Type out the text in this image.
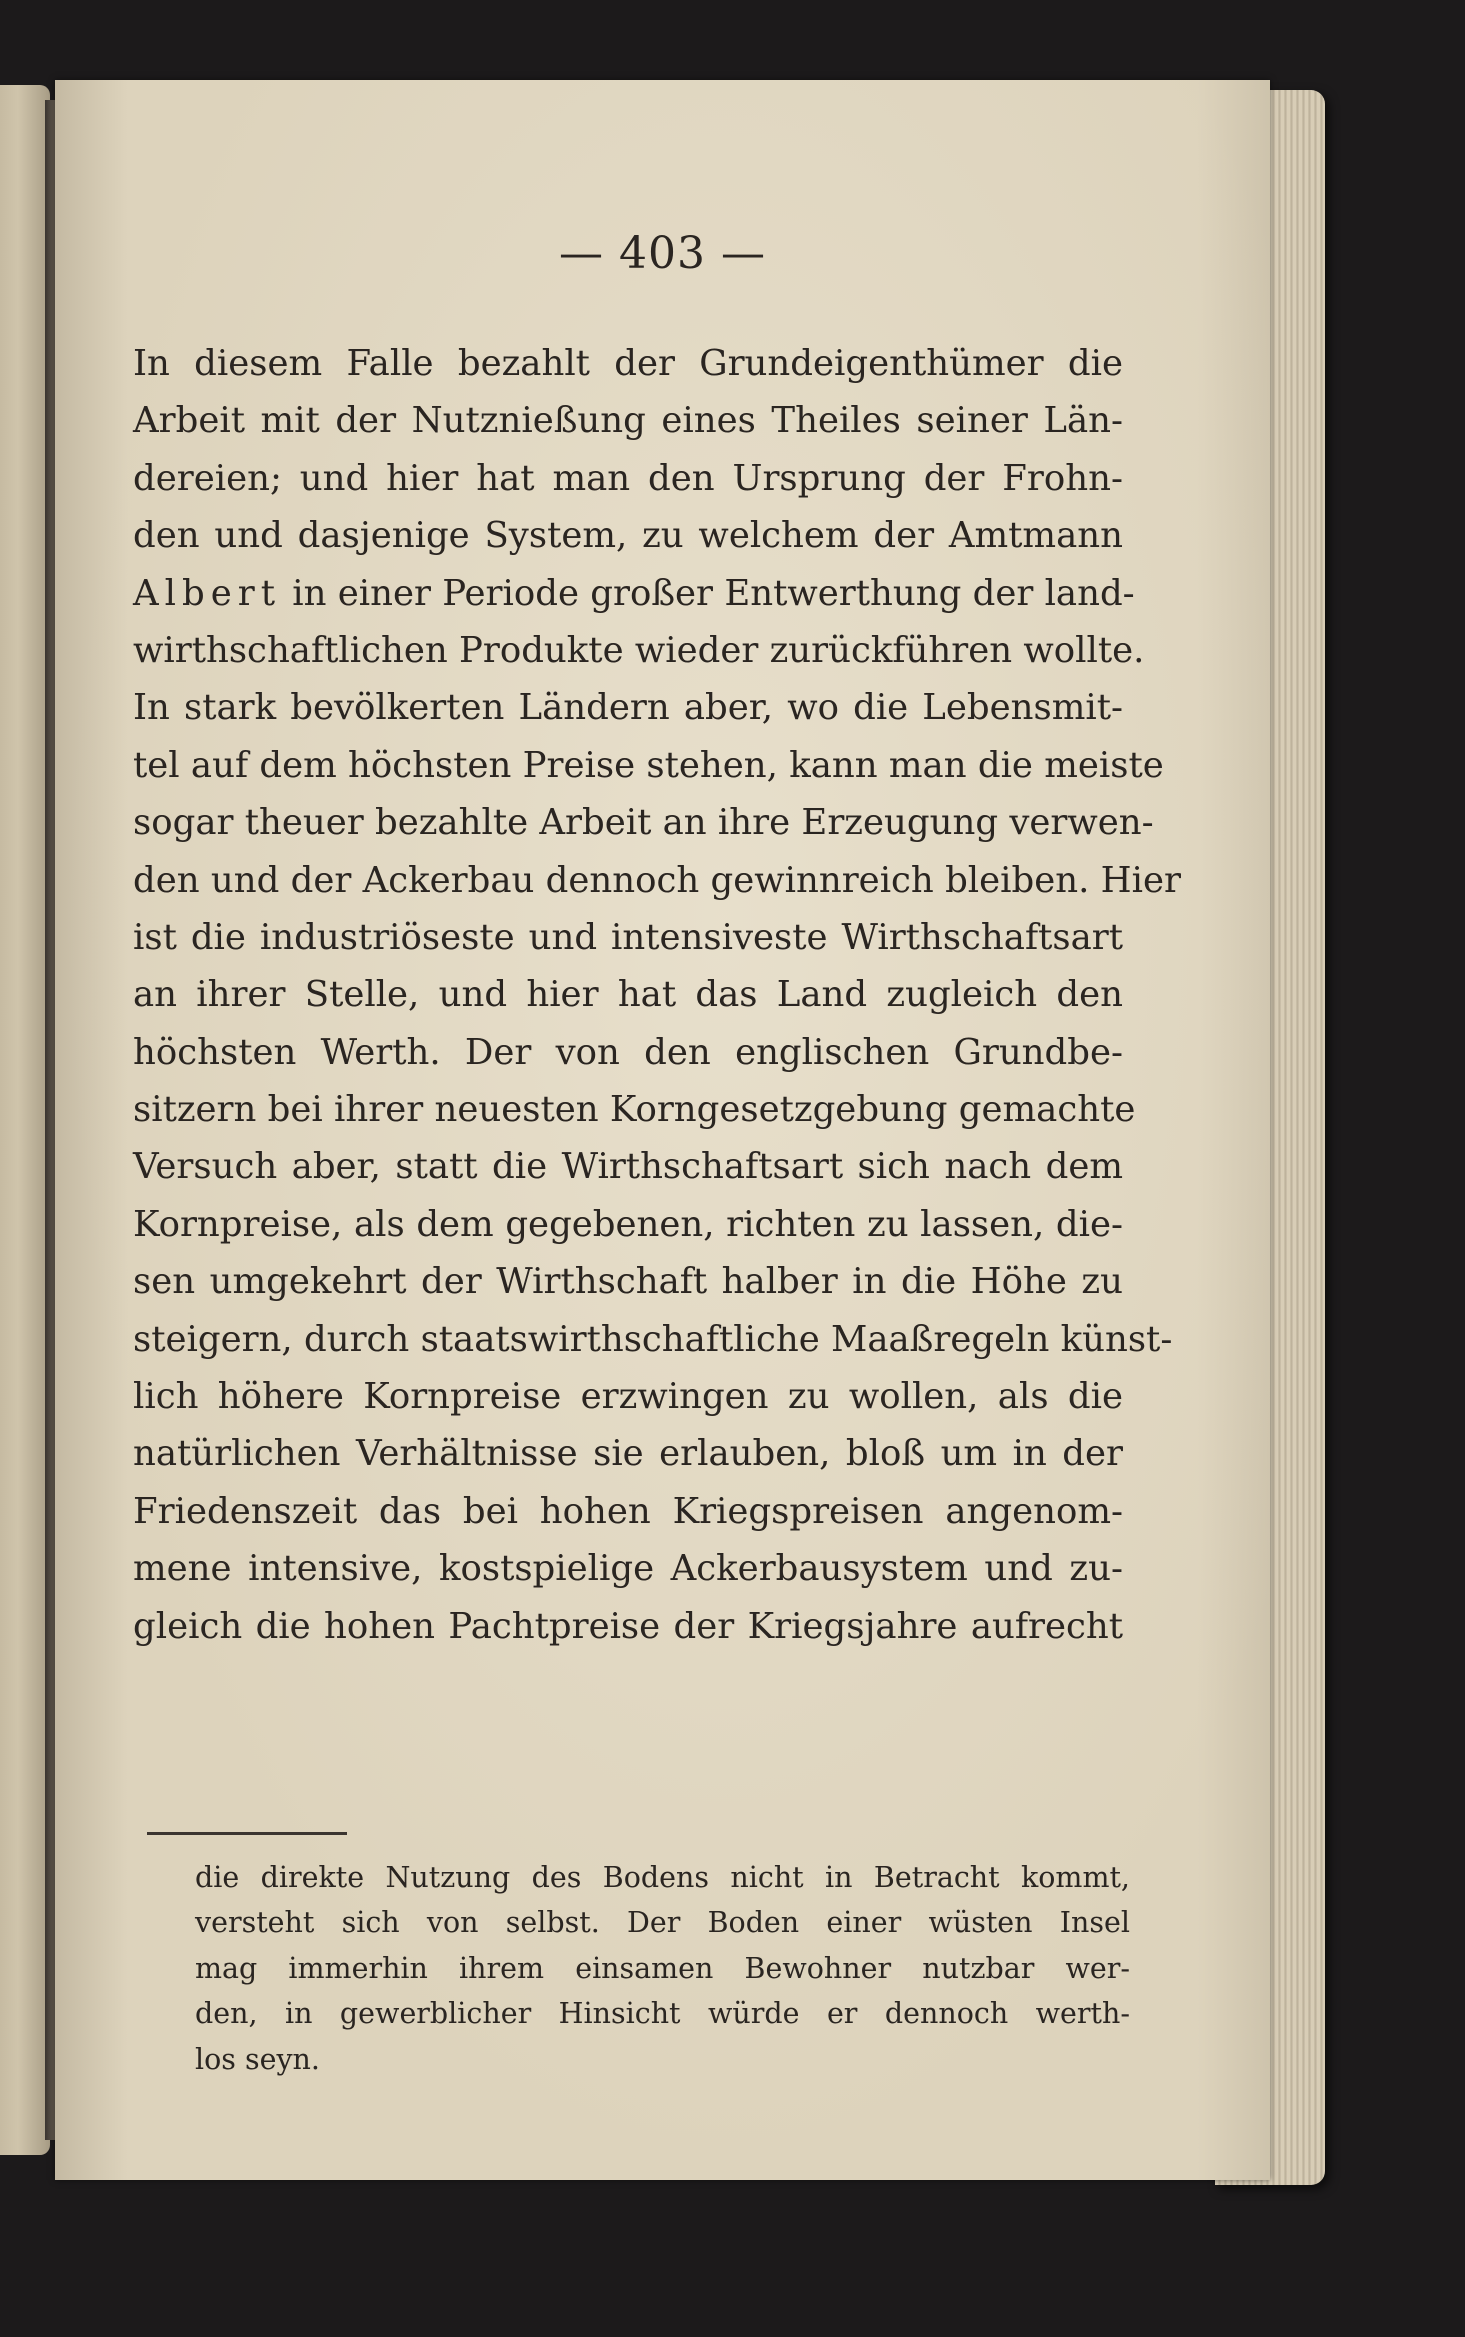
— 403 —
In diesem Falle bezahlt der Grundeigenthümer die
Arbeit mit der Nutznießung eines Theiles seiner Län-
dereien; und hier hat man den Ursprung der Frohn-
den und dasjenige System, zu welchem der Amtmann
Albert in einer Periode großer Entwerthung der land-
wirthschaftlichen Produkte wieder zurückführen wollte.
In stark bevölkerten Ländern aber, wo die Lebensmit-
tel auf dem höchsten Preise stehen, kann man die meiste
sogar theuer bezahlte Arbeit an ihre Erzeugung verwen-
den und der Ackerbau dennoch gewinnreich bleiben. Hier
ist die industriöseste und intensiveste Wirthschaftsart
an ihrer Stelle, und hier hat das Land zugleich den
höchsten Werth. Der von den englischen Grundbe-
sitzern bei ihrer neuesten Korngesetzgebung gemachte
Versuch aber, statt die Wirthschaftsart sich nach dem
Kornpreise, als dem gegebenen, richten zu lassen, die-
sen umgekehrt der Wirthschaft halber in die Höhe zu
steigern, durch staatswirthschaftliche Maaßregeln künst-
lich höhere Kornpreise erzwingen zu wollen, als die
natürlichen Verhältnisse sie erlauben, bloß um in der
Friedenszeit das bei hohen Kriegspreisen angenom-
mene intensive, kostspielige Ackerbausystem und zu-
gleich die hohen Pachtpreise der Kriegsjahre aufrecht
die direkte Nutzung des Bodens nicht in Betracht kommt,
versteht sich von selbst. Der Boden einer wüsten Insel
mag immerhin ihrem einsamen Bewohner nutzbar wer-
den, in gewerblicher Hinsicht würde er dennoch werth-
los seyn.
